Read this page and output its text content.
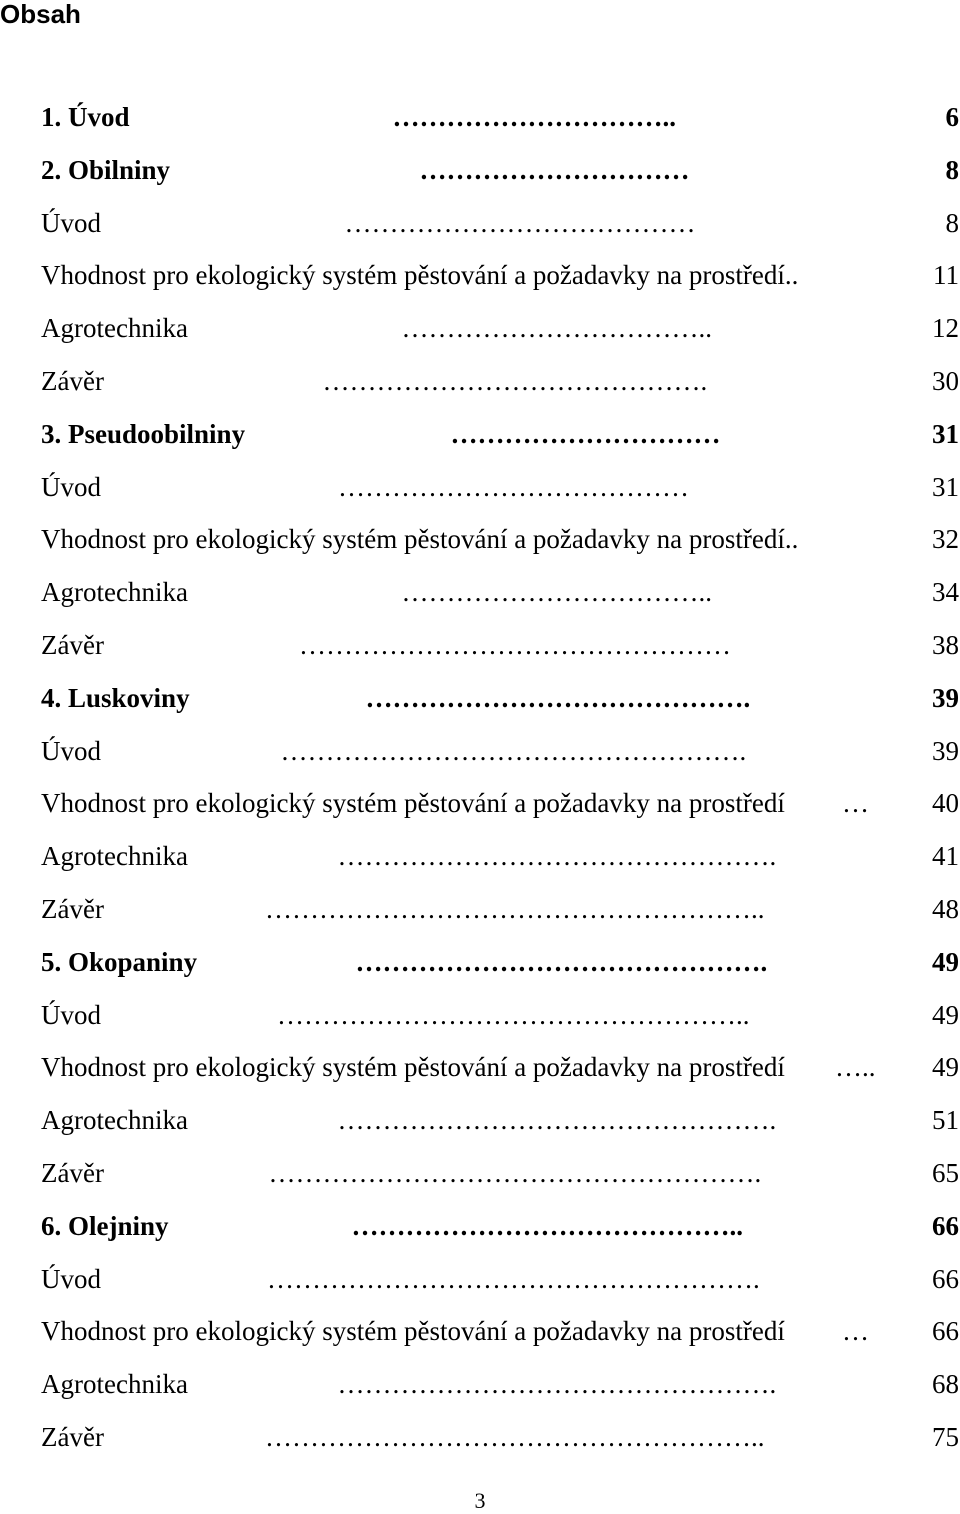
Obsah
1. Úvod	…………………………..	6
2. Obilniny	…………………………	8
Úvod	…………………………………	8
Vhodnost pro ekologický systém pěstování a požadavky na prostředí..	11
Agrotechnika	……………………………..	12
Závěr	…………………………………….	30
3. Pseudoobilniny	…………………………	31
Úvod	…………………………………	31
Vhodnost pro ekologický systém pěstování a požadavky na prostředí..	32
Agrotechnika	……………………………..	34
Závěr	…………………………………………	38
4. Luskoviny	…………………………………….	39
Úvod	…………………………………………….	39
Vhodnost pro ekologický systém pěstování a požadavky na prostředí … 40
Agrotechnika	………………………………………….	41
Závěr	………………………………………………..	48
5. Okopaniny	……………………………………….	49
Úvod	……………………………………………..	49
Vhodnost pro ekologický systém pěstování a požadavky na prostředí ….. 49
Agrotechnika	………………………………………….	51
Závěr	……………………………………………….	65
6. Olejniny	……………………………………..	66
Úvod	……………………………………………….	66
Vhodnost pro ekologický systém pěstování a požadavky na prostředí … 66
Agrotechnika	………………………………………….	68
Závěr	………………………………………………..	75
3
